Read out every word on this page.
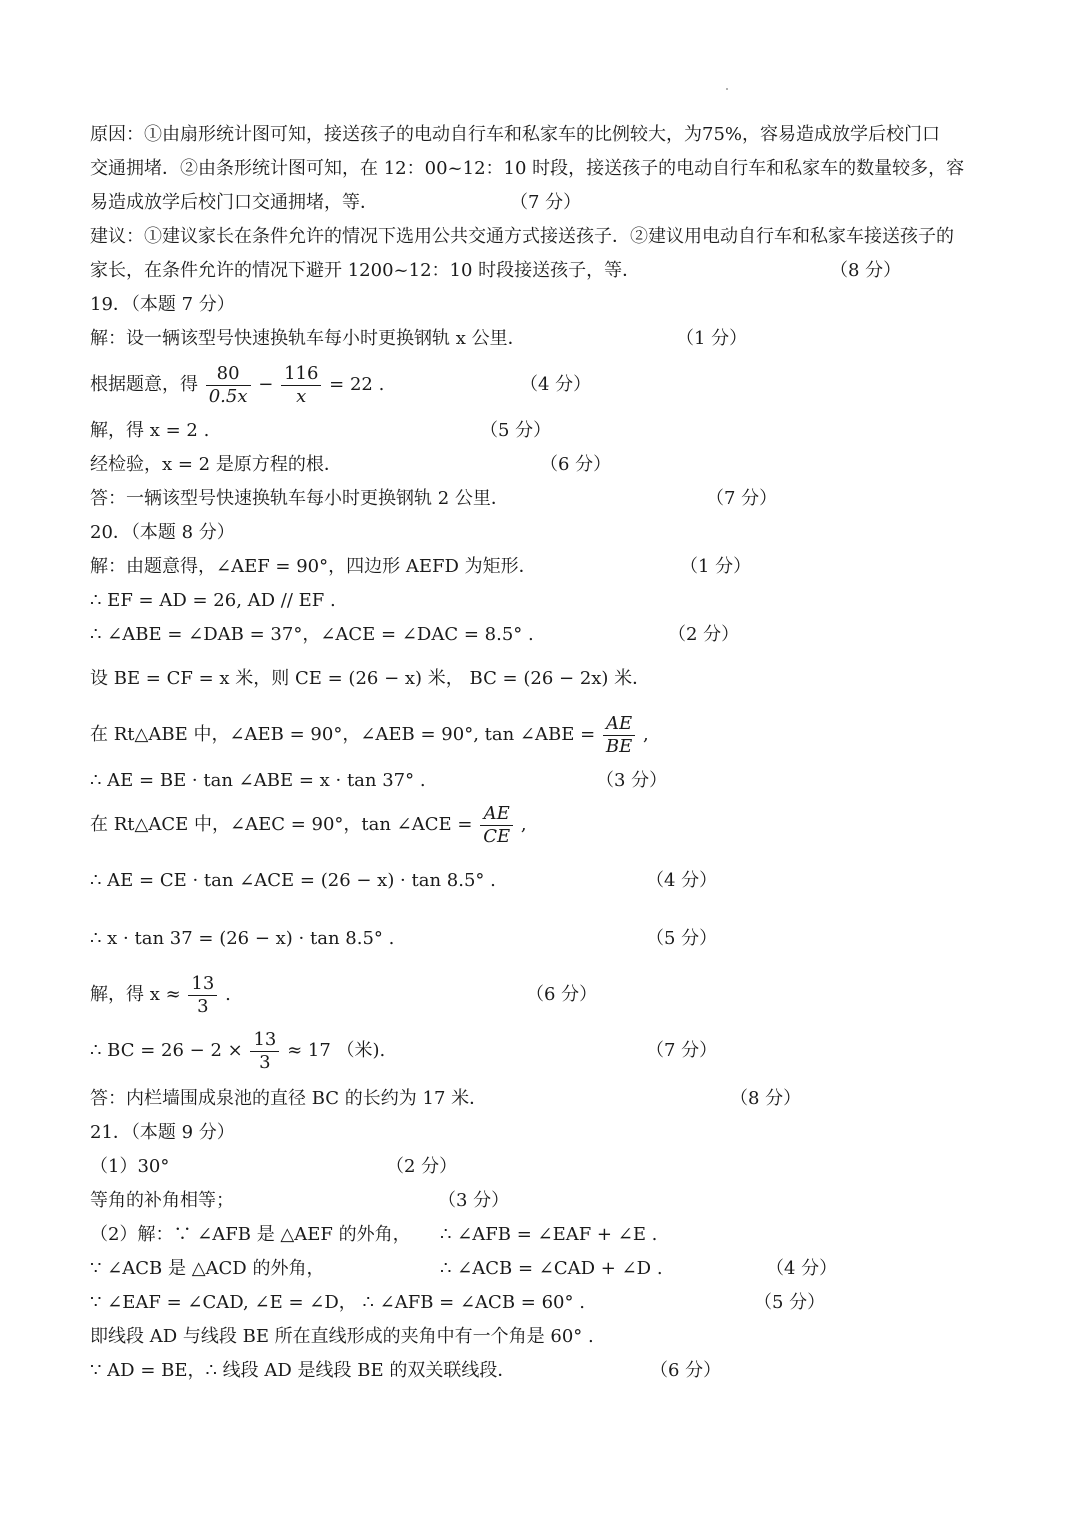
原因：①由扇形统计图可知，接送孩子的电动自行车和私家车的比例较大，为75%，容易造成放学后校门口
交通拥堵．②由条形统计图可知，在 12：00~12：10 时段，接送孩子的电动自行车和私家车的数量较多，容
易造成放学后校门口交通拥堵，等．	（7 分）
建议：①建议家长在条件允许的情况下选用公共交通方式接送孩子．②建议用电动自行车和私家车接送孩子的
家长，在条件允许的情况下避开 1200~12：10 时段接送孩子，等．	（8 分）
19．（本题 7 分）
解：设一辆该型号快速换轨车每小时更换钢轨 x 公里．	（1 分）
根据题意，得 $\frac{80}{0.5x} - \frac{116}{x} = 22$ .	（4 分）
解，得 x = 2 .	（5 分）
经检验，x = 2 是原方程的根．	（6 分）
答：一辆该型号快速换轨车每小时更换钢轨 2 公里．	（7 分）
20．（本题 8 分）
解：由题意得，∠AEF = 90°，四边形 AEFD 为矩形．	（1 分）
∴ EF = AD = 26, AD // EF .
∴ ∠ABE = ∠DAB = 37°，∠ACE = ∠DAC = 8.5° .	（2 分）
设 BE = CF = x 米，则 CE = (26 − x) 米， BC = (26 − 2x) 米．
在 Rt△ABE 中，∠AEB = 90°，∠AEB = 90°, tan ∠ABE = $\frac{AE}{BE}$ ,
∴ AE = BE · tan ∠ABE = x · tan 37° .	（3 分）
在 Rt△ACE 中，∠AEC = 90°，tan ∠ACE = $\frac{AE}{CE}$ ,
∴ AE = CE · tan ∠ACE = (26 − x) · tan 8.5° .	（4 分）
∴ x · tan 37 = (26 − x) · tan 8.5° .	（5 分）
解，得 $x \approx \frac{13}{3}$ .	（6 分）
∴ BC = $26 - 2 \times \frac{13}{3} \approx 17$ （米).	（7 分）
答：内栏墙围成泉池的直径 BC 的长约为 17 米．	（8 分）
21．（本题 9 分）
（1）30°	（2 分）
等角的补角相等；	（3 分）
（2）解：∵ ∠AFB 是 △AEF 的外角， ∴ ∠AFB = ∠EAF + ∠E .
∵ ∠ACB 是 △ACD 的外角，	∴ ∠ACB = ∠CAD + ∠D .	（4 分）
∵ ∠EAF = ∠CAD, ∠E = ∠D， ∴ ∠AFB = ∠ACB = 60° .	（5 分）
即线段 AD 与线段 BE 所在直线形成的夹角中有一个角是 60° .
∵ AD = BE，∴ 线段 AD 是线段 BE 的双关联线段．	（6 分）
